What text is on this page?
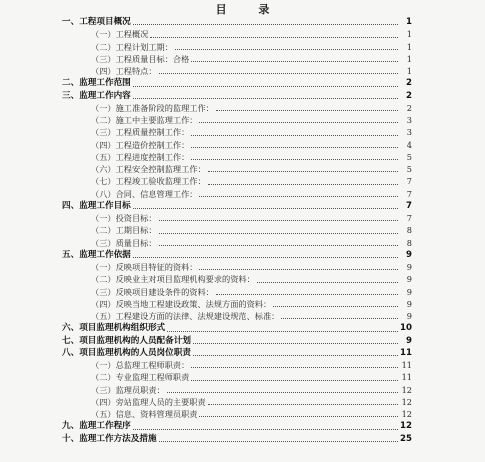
目 录
一、工程项目概况	1
（一）工程概况	1
（二）工程计划工期：	1
（三）工程质量目标：合格	1
（四）工程特点：	1
二、监理工作范围	2
三、监理工作内容	2
（一）施工准备阶段的监理工作：	2
（二）施工中主要监理工作：	3
（三）工程质量控制工作：	3
（四）工程造价控制工作：	4
（五）工程进度控制工作：	5
（六）工程安全控制监理工作：	5
（七）工程竣工验收监理工作：	7
（八）合同、信息管理工作：	7
四、监理工作目标	7
（一）投资目标：	7
（二）工期目标：	8
（三）质量目标：	8
五、监理工作依据	9
（一）反映项目特征的资料：	9
（二）反映业主对项目监理机构要求的资料：	9
（三）反映项目建设条件的资料：	9
（四）反映当地工程建设政策、法规方面的资料：	9
（五）工程建设方面的法律、法规建设规范、标准：	9
六、项目监理机构组织形式	10
七、项目监理机构的人员配备计划	9
八、项目监理机构的人员岗位职责	11
（一）总监理工程师职责：	11
（二）专业监理工程师职责	11
（三）监理员职责：	12
（四）旁站监理人员的主要职责	12
（五）信息、资料管理员职责	12
九、监理工作程序	12
十、监理工作方法及措施	25
